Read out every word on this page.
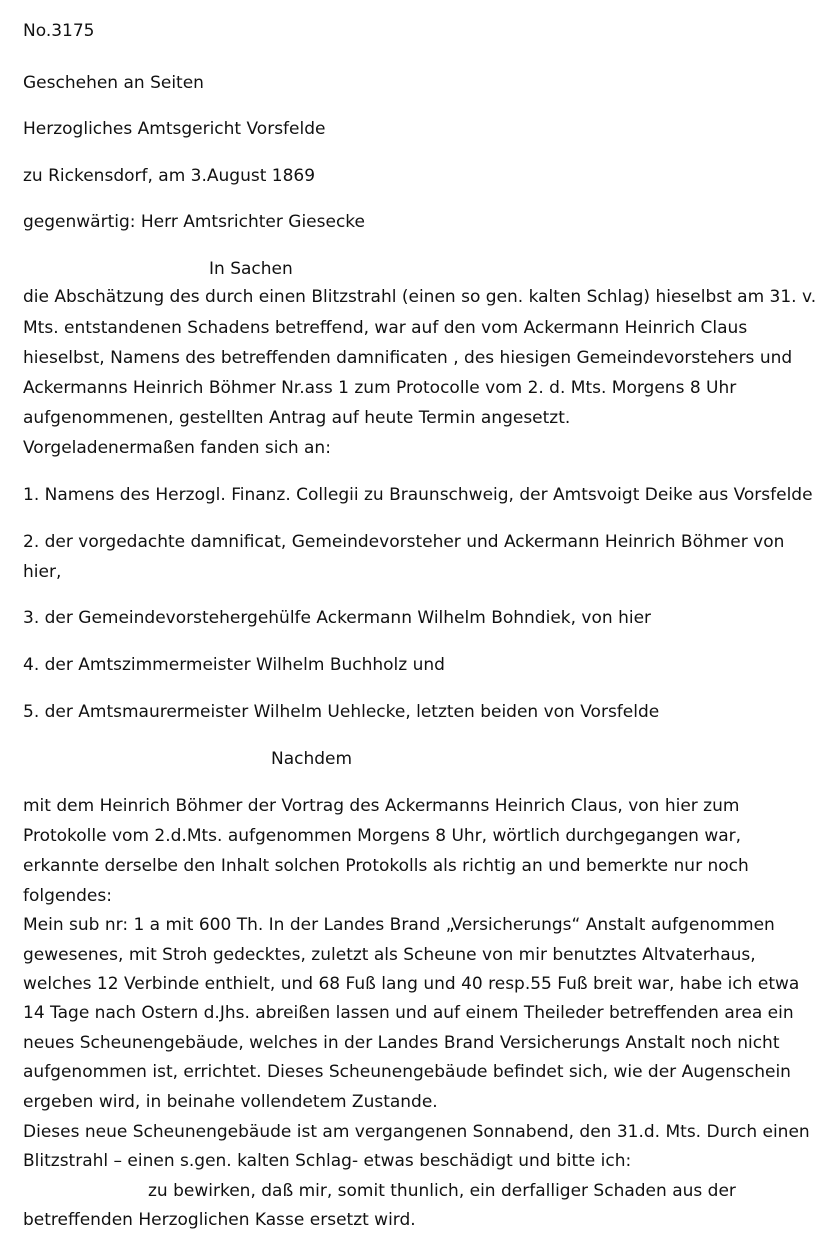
No.3175
Geschehen an Seiten
Herzogliches Amtsgericht Vorsfelde
zu Rickensdorf, am 3.August 1869
gegenwärtig: Herr Amtsrichter Giesecke
In Sachen
die Abschätzung des durch einen Blitzstrahl (einen so gen. kalten Schlag) hieselbst am 31. v.
Mts. entstandenen Schadens betreffend, war auf den vom Ackermann Heinrich Claus
hieselbst, Namens des betreffenden damnificaten , des hiesigen Gemeindevorstehers und
Ackermanns Heinrich Böhmer Nr.ass 1 zum Protocolle vom 2. d. Mts. Morgens 8 Uhr
aufgenommenen, gestellten Antrag auf heute Termin angesetzt.
Vorgeladenermaßen fanden sich an:
1. Namens des Herzogl. Finanz. Collegii zu Braunschweig, der Amtsvoigt Deike aus Vorsfelde
2. der vorgedachte damnificat, Gemeindevorsteher und Ackermann Heinrich Böhmer von
hier,
3. der Gemeindevorstehergehülfe Ackermann Wilhelm Bohndiek, von hier
4. der Amtszimmermeister Wilhelm Buchholz und
5. der Amtsmaurermeister Wilhelm Uehlecke, letzten beiden von Vorsfelde
Nachdem
mit dem Heinrich Böhmer der Vortrag des Ackermanns Heinrich Claus, von hier zum
Protokolle vom 2.d.Mts. aufgenommen Morgens 8 Uhr, wörtlich durchgegangen war,
erkannte derselbe den Inhalt solchen Protokolls als richtig an und bemerkte nur noch
folgendes:
Mein sub nr: 1 a mit 600 Th. In der Landes Brand „Versicherungs“ Anstalt aufgenommen
gewesenes, mit Stroh gedecktes, zuletzt als Scheune von mir benutztes Altvaterhaus,
welches 12 Verbinde enthielt, und 68 Fuß lang und 40 resp.55 Fuß breit war, habe ich etwa
14 Tage nach Ostern d.Jhs. abreißen lassen und auf einem Theileder betreffenden area ein
neues Scheunengebäude, welches in der Landes Brand Versicherungs Anstalt noch nicht
aufgenommen ist, errichtet. Dieses Scheunengebäude befindet sich, wie der Augenschein
ergeben wird, in beinahe vollendetem Zustande.
Dieses neue Scheunengebäude ist am vergangenen Sonnabend, den 31.d. Mts. Durch einen
Blitzstrahl – einen s.gen. kalten Schlag- etwas beschädigt und bitte ich:
zu bewirken, daß mir, somit thunlich, ein derfalliger Schaden aus der
betreffenden Herzoglichen Kasse ersetzt wird.
